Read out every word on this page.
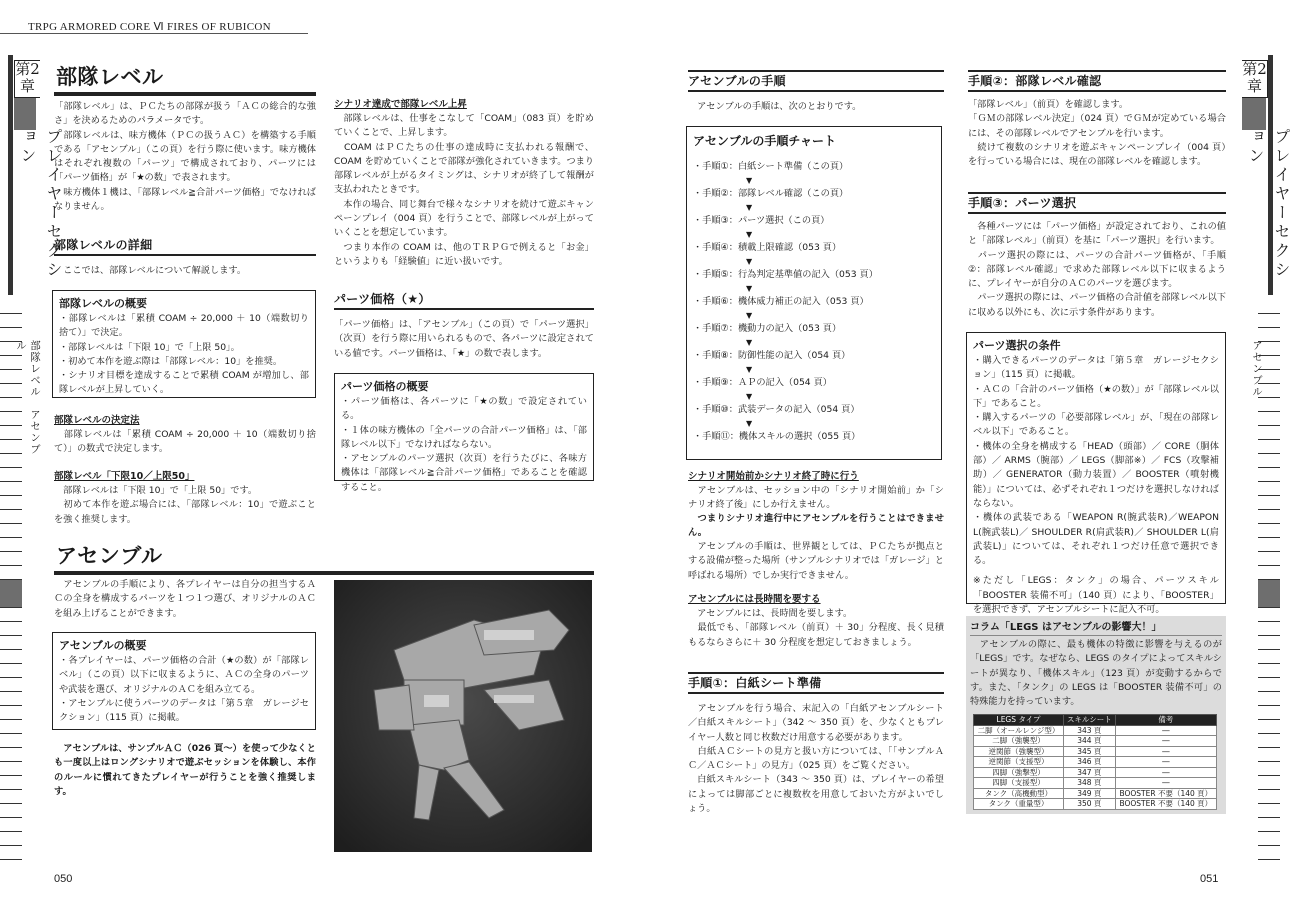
TRPG ARMORED CORE Ⅵ FIRES OF RUBICON
第2章
プレイヤーセクション
部隊レベル　アセンブル
第2章
プレイヤーセクション
アセンブル
部隊レベル
「部隊レベル」は、ＰＣたちの部隊が扱う「ＡＣの総合的な強さ」を決めるためのパラメータです。
　部隊レベルは、味方機体（ＰＣの扱うＡＣ）を構築する手順である「アセンブル」（この頁）を行う際に使います。味方機体はそれぞれ複数の「パーツ」で構成されており、パーツには「パーツ価格」が「★の数」で表されます。
　味方機体１機は、「部隊レベル≧合計パーツ価格」でなければなりません。
部隊レベルの詳細
　ここでは、部隊レベルについて解説します。
部隊レベルの概要
・部隊レベルは「累積 COAM ÷ 20,000 ＋ 10（端数切り捨て）」で決定。
・部隊レベルは「下限 10」で「上限 50」。
・初めて本作を遊ぶ際は「部隊レベル：10」を推奨。
・シナリオ目標を達成することで累積 COAM が増加し、部隊レベルが上昇していく。
部隊レベルの決定法
　部隊レベルは「累積 COAM ÷ 20,000 ＋ 10（端数切り捨て）」の数式で決定します。
部隊レベル「下限10／上限50」
　部隊レベルは「下限 10」で「上限 50」です。
　初めて本作を遊ぶ場合には、「部隊レベル：10」で遊ぶことを強く推奨します。
シナリオ達成で部隊レベル上昇
　部隊レベルは、仕事をこなして「COAM」（083 頁）を貯めていくことで、上昇します。
　COAM はＰＣたちの仕事の達成時に支払われる報酬で、COAM を貯めていくことで部隊が強化されていきます。つまり部隊レベルが上がるタイミングは、シナリオが終了して報酬が支払われたときです。
　本作の場合、同じ舞台で様々なシナリオを続けて遊ぶキャンペーンプレイ（004 頁）を行うことで、部隊レベルが上がっていくことを想定しています。
　つまり本作の COAM は、他のＴＲＰＧで例えると「お金」というよりも「経験値」に近い扱いです。
パーツ価格（★）
「パーツ価格」は、「アセンブル」（この頁）で「パーツ選択」（次頁）を行う際に用いられるもので、各パーツに設定されている値です。パーツ価格は、「★」の数で表します。
パーツ価格の概要
・パーツ価格は、各パーツに「★の数」で設定されている。
・１体の味方機体の「全パーツの合計パーツ価格」は、「部隊レベル以下」でなければならない。
・アセンブルのパーツ選択（次頁）を行うたびに、各味方機体は「部隊レベル≧合計パーツ価格」であることを確認すること。
アセンブル
　アセンブルの手順により、各プレイヤーは自分の担当するＡＣの全身を構成するパーツを１つ１つ選び、オリジナルのＡＣを組み上げることができます。
アセンブルの概要
・各プレイヤーは、パーツ価格の合計（★の数）が「部隊レベル」（この頁）以下に収まるように、ＡＣの全身のパーツや武装を選び、オリジナルのＡＣを組み立てる。
・アセンブルに使うパーツのデータは「第５章　ガレージセクション」（115 頁）に掲載。
　アセンブルは、サンプルＡＣ（026 頁～）を使って少なくとも一度以上はロングシナリオで遊ぶセッションを体験し、本作のルールに慣れてきたプレイヤーが行うことを強く推奨します。
アセンブルの手順
　アセンブルの手順は、次のとおりです。
アセンブルの手順チャート
・手順①：白紙シート準備（この頁）
▼
・手順②：部隊レベル確認（この頁）
▼
・手順③：パーツ選択（この頁）
▼
・手順④：積載上限確認（053 頁）
▼
・手順⑤：行為判定基準値の記入（053 頁）
▼
・手順⑥：機体威力補正の記入（053 頁）
▼
・手順⑦：機動力の記入（053 頁）
▼
・手順⑧：防御性能の記入（054 頁）
▼
・手順⑨：ＡＰの記入（054 頁）
▼
・手順⑩：武装データの記入（054 頁）
▼
・手順⑪：機体スキルの選択（055 頁）
シナリオ開始前かシナリオ終了時に行う
　アセンブルは、セッション中の「シナリオ開始前」か「シナリオ終了後」にしか行えません。
　つまりシナリオ進行中にアセンブルを行うことはできません。
　アセンブルの手順は、世界観としては、ＰＣたちが拠点とする設備が整った場所（サンプルシナリオでは「ガレージ」と呼ばれる場所）でしか実行できません。
アセンブルには長時間を要する
　アセンブルには、長時間を要します。
　最低でも、「部隊レベル（前頁）＋ 30」分程度、長く見積もるならさらに＋ 30 分程度を想定しておきましょう。
手順①：白紙シート準備
　アセンブルを行う場合、末記入の「白紙アセンブルシート／白紙スキルシート」（342 ～ 350 頁）を、少なくともプレイヤー人数と同じ枚数だけ用意する必要があります。
　白紙ＡＣシートの見方と扱い方については、「「サンプルＡＣ／ＡＣシート」の見方」（025 頁）をご覧ください。
　白紙スキルシート（343 ～ 350 頁）は、プレイヤーの希望によっては脚部ごとに複数枚を用意しておいた方がよいでしょう。
手順②：部隊レベル確認
「部隊レベル」（前頁）を確認します。
「ＧＭの部隊レベル決定」（024 頁）でＧＭが定めている場合には、その部隊レベルでアセンブルを行います。
　続けて複数のシナリオを遊ぶキャンペーンプレイ（004 頁）を行っている場合には、現在の部隊レベルを確認します。
手順③：パーツ選択
　各種パーツには「パーツ価格」が設定されており、これの値と「部隊レベル」（前頁）を基に「パーツ選択」を行います。
　パーツ選択の際には、パーツの合計パーツ価格が、「手順②：部隊レベル確認」で求めた部隊レベル以下に収まるように、プレイヤーが自分のＡＣのパーツを選びます。
　パーツ選択の際には、パーツ価格の合計値を部隊レベル以下に収める以外にも、次に示す条件があります。
パーツ選択の条件
・購入できるパーツのデータは「第５章　ガレージセクション」（115 頁）に掲載。
・ＡＣの「合計のパーツ価格（★の数）」が「部隊レベル以下」であること。
・購入するパーツの「必要部隊レベル」が、「現在の部隊レベル以下」であること。
・機体の全身を構成する「HEAD（頭部）／ CORE（胴体部）／ ARMS（腕部）／ LEGS（脚部※）／ FCS（攻撃補助）／ GENERATOR（動力装置）／ BOOSTER（噴射機能）」については、必ずそれぞれ１つだけを選択しなければならない。
・機体の武装である「WEAPON R(腕武装R)／WEAPON L(腕武装L)／ SHOULDER R(肩武装R)／ SHOULDER L(肩武装L)」については、それぞれ１つだけ任意で選択できる。
※ただし「LEGS：タンク」の場合、パーツスキル「BOOSTER 装備不可」（140 頁）により、「BOOSTER」を選択できず、アセンブルシートに記入不可。
コラム「LEGS はアセンブルの影響大！」
　アセンブルの際に、最も機体の特徴に影響を与えるのが「LEGS」です。なぜなら、LEGS のタイプによってスキルシートが異なり、「機体スキル」（123 頁）が変動するからです。また、「タンク」の LEGS は「BOOSTER 装備不可」の特殊能力を持っています。
LEGS タイプ	スキルシート	備考
二脚（オールレンジ型）	343 頁	―
二脚（強襲型）	344 頁	―
逆関節（強襲型）	345 頁	―
逆関節（支援型）	346 頁	―
四脚（強撃型）	347 頁	―
四脚（支援型）	348 頁	―
タンク（高機動型）	349 頁	BOOSTER 不要（140 頁）
タンク（重量型）	350 頁	BOOSTER 不要（140 頁）
050	051
